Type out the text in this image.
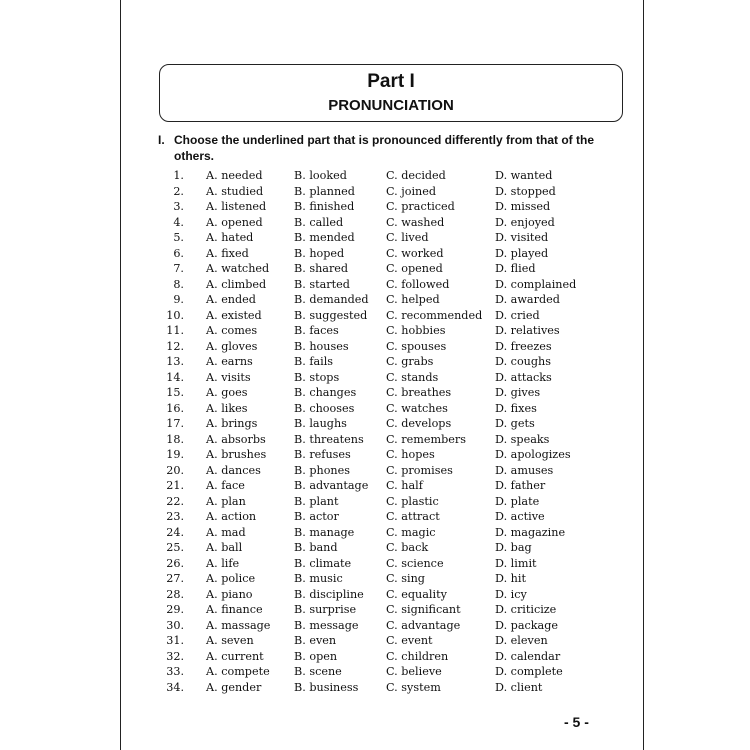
Part I
PRONUNCIATION
I. Choose the underlined part that is pronounced differently from that of the others.
1. A. needed	B. looked	C. decided	D. wanted
2. A. studied	B. planned	C. joined	D. stopped
3. A. listened B. finished	C. practiced	D. missed
4. A. opened	B. called	C. washed	D. enjoyed
5. A. hated	B. mended	C. lived	D. visited
6. A. fixed	B. hoped	C. worked	D. played
7. A. watched B. shared	C. opened	D. flied
8. A. climbed B. started	C. followed	D. complained
9. A. ended	B. demanded C. helped	D. awarded
10. A. existed	B. suggested C. recommended D. cried
11. A. comes	B. faces	C. hobbies	D. relatives
12. A. gloves	B. houses	C. spouses	D. freezes
13. A. earns	B. fails	C. grabs	D. coughs
14. A. visits	B. stops	C. stands	D. attacks
15. A. goes	B. changes	C. breathes	D. gives
16. A. likes	B. chooses	C. watches	D. fixes
17. A. brings	B. laughs	C. develops	D. gets
18. A. absorbs	B. threatens C. remembers	D. speaks
19. A. brushes B. refuses	C. hopes	D. apologizes
20. A. dances	B. phones	C. promises	D. amuses
21. A. face	B. advantage C. half	D. father
22. A. plan	B. plant	C. plastic	D. plate
23. A. action	B. actor	C. attract	D. active
24. A. mad	B. manage	C. magic	D. magazine
25. A. ball	B. band	C. back	D. bag
26. A. life	B. climate	C. science	D. limit
27. A. police	B. music	C. sing	D. hit
28. A. piano	B. discipline C. equality	D. icy
29. A. finance	B. surprise	C. significant	D. criticize
30. A. massage B. message C. advantage	D. package
31. A. seven	B. even	C. event	D. eleven
32. A. current	B. open	C. children	D. calendar
33. A. compete B. scene	C. believe	D. complete
34. A. gender	B. business C. system	D. client
- 5 -
